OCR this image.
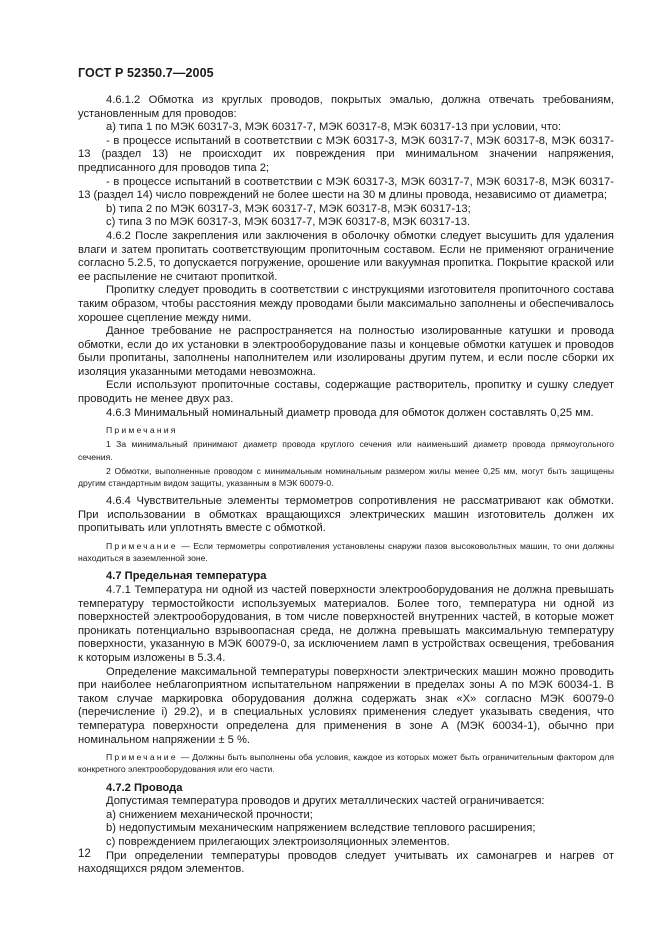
ГОСТ Р 52350.7—2005

4.6.1.2 Обмотка из круглых проводов, покрытых эмалью, должна отвечать требованиям, установленным для проводов:

а) типа 1 по МЭК 60317-3, МЭК 60317-7, МЭК 60317-8, МЭК 60317-13 при условии, что:

- в процессе испытаний в соответствии с МЭК 60317-3, МЭК 60317-7, МЭК 60317-8, МЭК 60317-13 (раздел 13) не происходит их повреждения при минимальном значении напряжения, предписанного для проводов типа 2;

- в процессе испытаний в соответствии с МЭК 60317-3, МЭК 60317-7, МЭК 60317-8, МЭК 60317-13 (раздел 14) число повреждений не более шести на 30 м длины провода, независимо от диаметра;

b) типа 2 по МЭК 60317-3, МЭК 60317-7, МЭК 60317-8, МЭК 60317-13;

c) типа 3 по МЭК 60317-3, МЭК 60317-7, МЭК 60317-8, МЭК 60317-13.

4.6.2 После закрепления или заключения в оболочку обмотки следует высушить для удаления влаги и затем пропитать соответствующим пропиточным составом. Если не применяют ограничение согласно 5.2.5, то допускается погружение, орошение или вакуумная пропитка. Покрытие краской или ее распыление не считают пропиткой.

Пропитку следует проводить в соответствии с инструкциями изготовителя пропиточного состава таким образом, чтобы расстояния между проводами были максимально заполнены и обеспечивалось хорошее сцепление между ними.

Данное требование не распространяется на полностью изолированные катушки и провода обмотки, если до их установки в электрооборудование пазы и концевые обмотки катушек и проводов были пропитаны, заполнены наполнителем или изолированы другим путем, и если после сборки их изоляция указанными методами невозможна.

Если используют пропиточные составы, содержащие растворитель, пропитку и сушку следует проводить не менее двух раз.

4.6.3 Минимальный номинальный диаметр провода для обмоток должен составлять 0,25 мм.

Примечания

1 За минимальный принимают диаметр провода круглого сечения или наименьший диаметр провода прямоугольного сечения.

2 Обмотки, выполненные проводом с минимальным номинальным размером жилы менее 0,25 мм, могут быть защищены другим стандартным видом защиты, указанным в МЭК 60079-0.

4.6.4 Чувствительные элементы термометров сопротивления не рассматривают как обмотки. При использовании в обмотках вращающихся электрических машин изготовитель должен их пропитывать или уплотнять вместе с обмоткой.

Примечание — Если термометры сопротивления установлены снаружи пазов высоковольтных машин, то они должны находиться в заземленной зоне.

4.7 Предельная температура

4.7.1 Температура ни одной из частей поверхности электрооборудования не должна превышать температуру термостойкости используемых материалов. Более того, температура ни одной из поверхностей электрооборудования, в том числе поверхностей внутренних частей, в которые может проникать потенциально взрывоопасная среда, не должна превышать максимальную температуру поверхности, указанную в МЭК 60079-0, за исключением ламп в устройствах освещения, требования к которым изложены в 5.3.4.

Определение максимальной температуры поверхности электрических машин можно проводить при наиболее неблагоприятном испытательном напряжении в пределах зоны А по МЭК 60034-1. В таком случае маркировка оборудования должна содержать знак «Х» согласно МЭК 60079-0 (перечисление i) 29.2), и в специальных условиях применения следует указывать сведения, что температура поверхности определена для применения в зоне А (МЭК 60034-1), обычно при номинальном напряжении ± 5 %.

Примечание — Должны быть выполнены оба условия, каждое из которых может быть ограничительным фактором для конкретного электрооборудования или его части.

4.7.2 Провода

Допустимая температура проводов и других металлических частей ограничивается:

а) снижением механической прочности;

b) недопустимым механическим напряжением вследствие теплового расширения;

c) повреждением прилегающих электроизоляционных элементов.

При определении температуры проводов следует учитывать их самонагрев и нагрев от находящихся рядом элементов.

12
